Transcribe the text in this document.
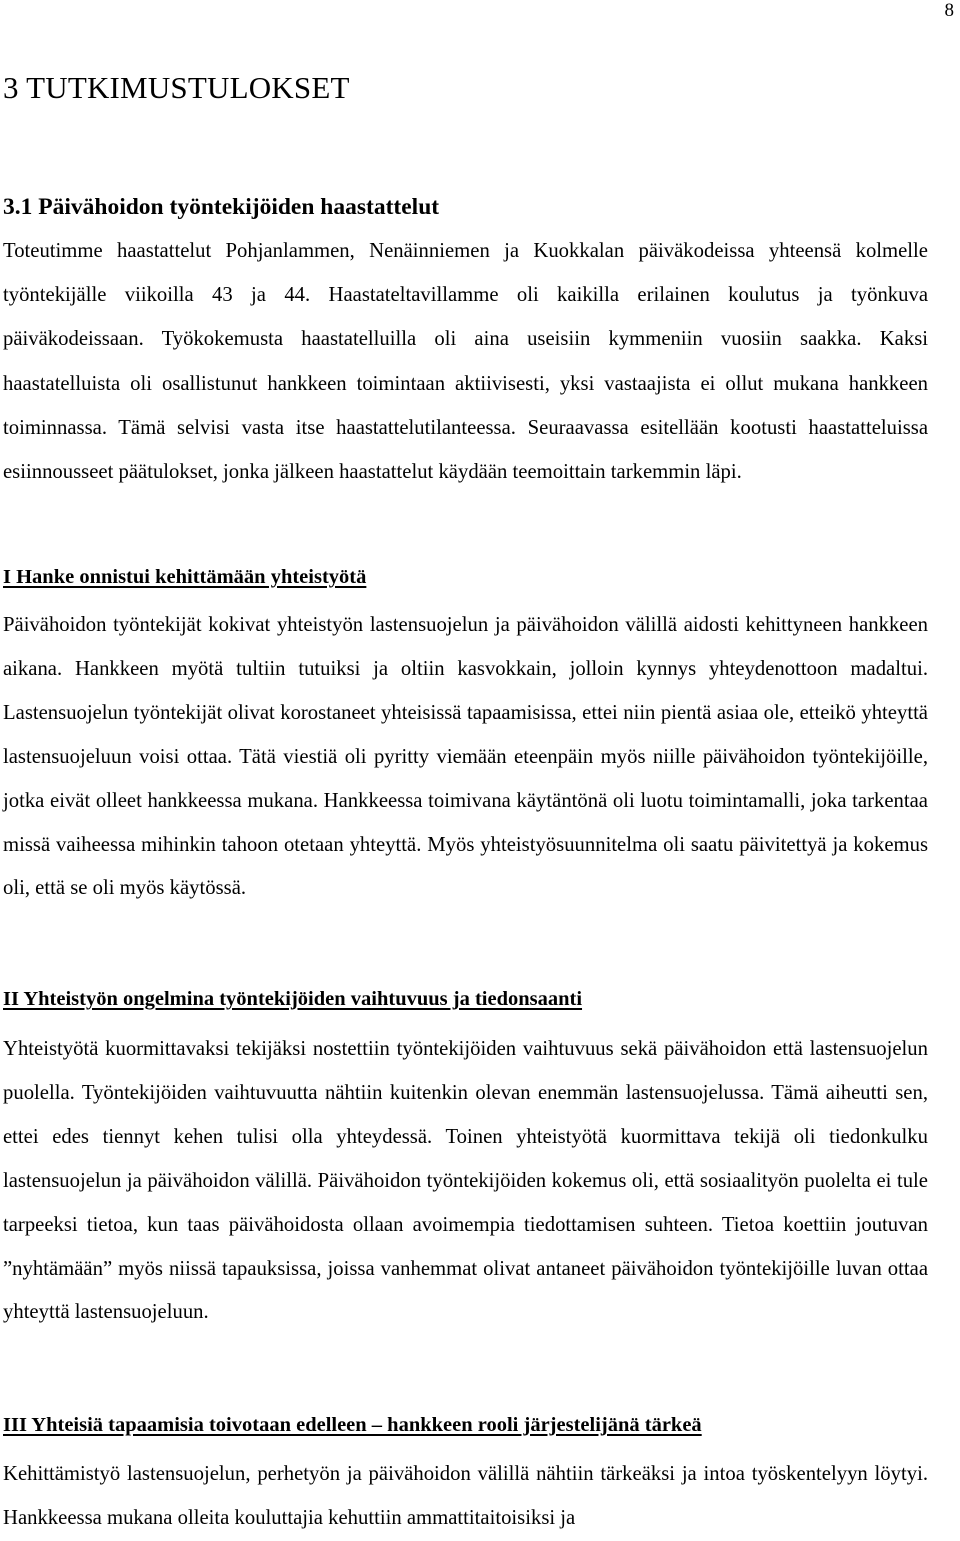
8
3 TUTKIMUSTULOKSET
3.1 Päivähoidon työntekijöiden haastattelut

Toteutimme haastattelut Pohjanlammen, Nenäinniemen ja Kuokkalan päiväkodeissa yhteensä kolmelle työntekijälle viikoilla 43 ja 44. Haastateltavillamme oli kaikilla erilainen koulutus ja työnkuva päiväkodeissaan. Työkokemusta haastatelluilla oli aina useisiin kymmeniin vuosiin saakka. Kaksi haastatelluista oli osallistunut hankkeen toimintaan aktiivisesti, yksi vastaajista ei ollut mukana hankkeen toiminnassa. Tämä selvisi vasta itse haastattelutilanteessa. Seuraavassa esitellään kootusti haastatteluissa esiinnousseet päätulokset, jonka jälkeen haastattelut käydään teemoittain tarkemmin läpi.

I Hanke onnistui kehittämään yhteistyötä

Päivähoidon työntekijät kokivat yhteistyön lastensuojelun ja päivähoidon välillä aidosti kehittyneen hankkeen aikana. Hankkeen myötä tultiin tutuiksi ja oltiin kasvokkain, jolloin kynnys yhteydenottoon madaltui. Lastensuojelun työntekijät olivat korostaneet yhteisissä tapaamisissa, ettei niin pientä asiaa ole, etteikö yhteyttä lastensuojeluun voisi ottaa. Tätä viestiä oli pyritty viemään eteenpäin myös niille päivähoidon työntekijöille, jotka eivät olleet hankkeessa mukana. Hankkeessa toimivana käytäntönä oli luotu toimintamalli, joka tarkentaa missä vaiheessa mihinkin tahoon otetaan yhteyttä. Myös yhteistyösuunnitelma oli saatu päivitettyä ja kokemus oli, että se oli myös käytössä.

II Yhteistyön ongelmina työntekijöiden vaihtuvuus ja tiedonsaanti

Yhteistyötä kuormittavaksi tekijäksi nostettiin työntekijöiden vaihtuvuus sekä päivähoidon että lastensuojelun puolella. Työntekijöiden vaihtuvuutta nähtiin kuitenkin olevan enemmän lastensuojelussa. Tämä aiheutti sen, ettei edes tiennyt kehen tulisi olla yhteydessä. Toinen yhteistyötä kuormittava tekijä oli tiedonkulku lastensuojelun ja päivähoidon välillä. Päivähoidon työntekijöiden kokemus oli, että sosiaalityön puolelta ei tule tarpeeksi tietoa, kun taas päivähoidosta ollaan avoimempia tiedottamisen suhteen. Tietoa koettiin joutuvan ”nyhtämään” myös niissä tapauksissa, joissa vanhemmat olivat antaneet päivähoidon työntekijöille luvan ottaa yhteyttä lastensuojeluun.

III Yhteisiä tapaamisia toivotaan edelleen – hankkeen rooli järjestelijänä tärkeä

Kehittämistyö lastensuojelun, perhetyön ja päivähoidon välillä nähtiin tärkeäksi ja intoa työskentelyyn löytyi. Hankkeessa mukana olleita kouluttajia kehuttiin ammattitaitoisiksi ja
